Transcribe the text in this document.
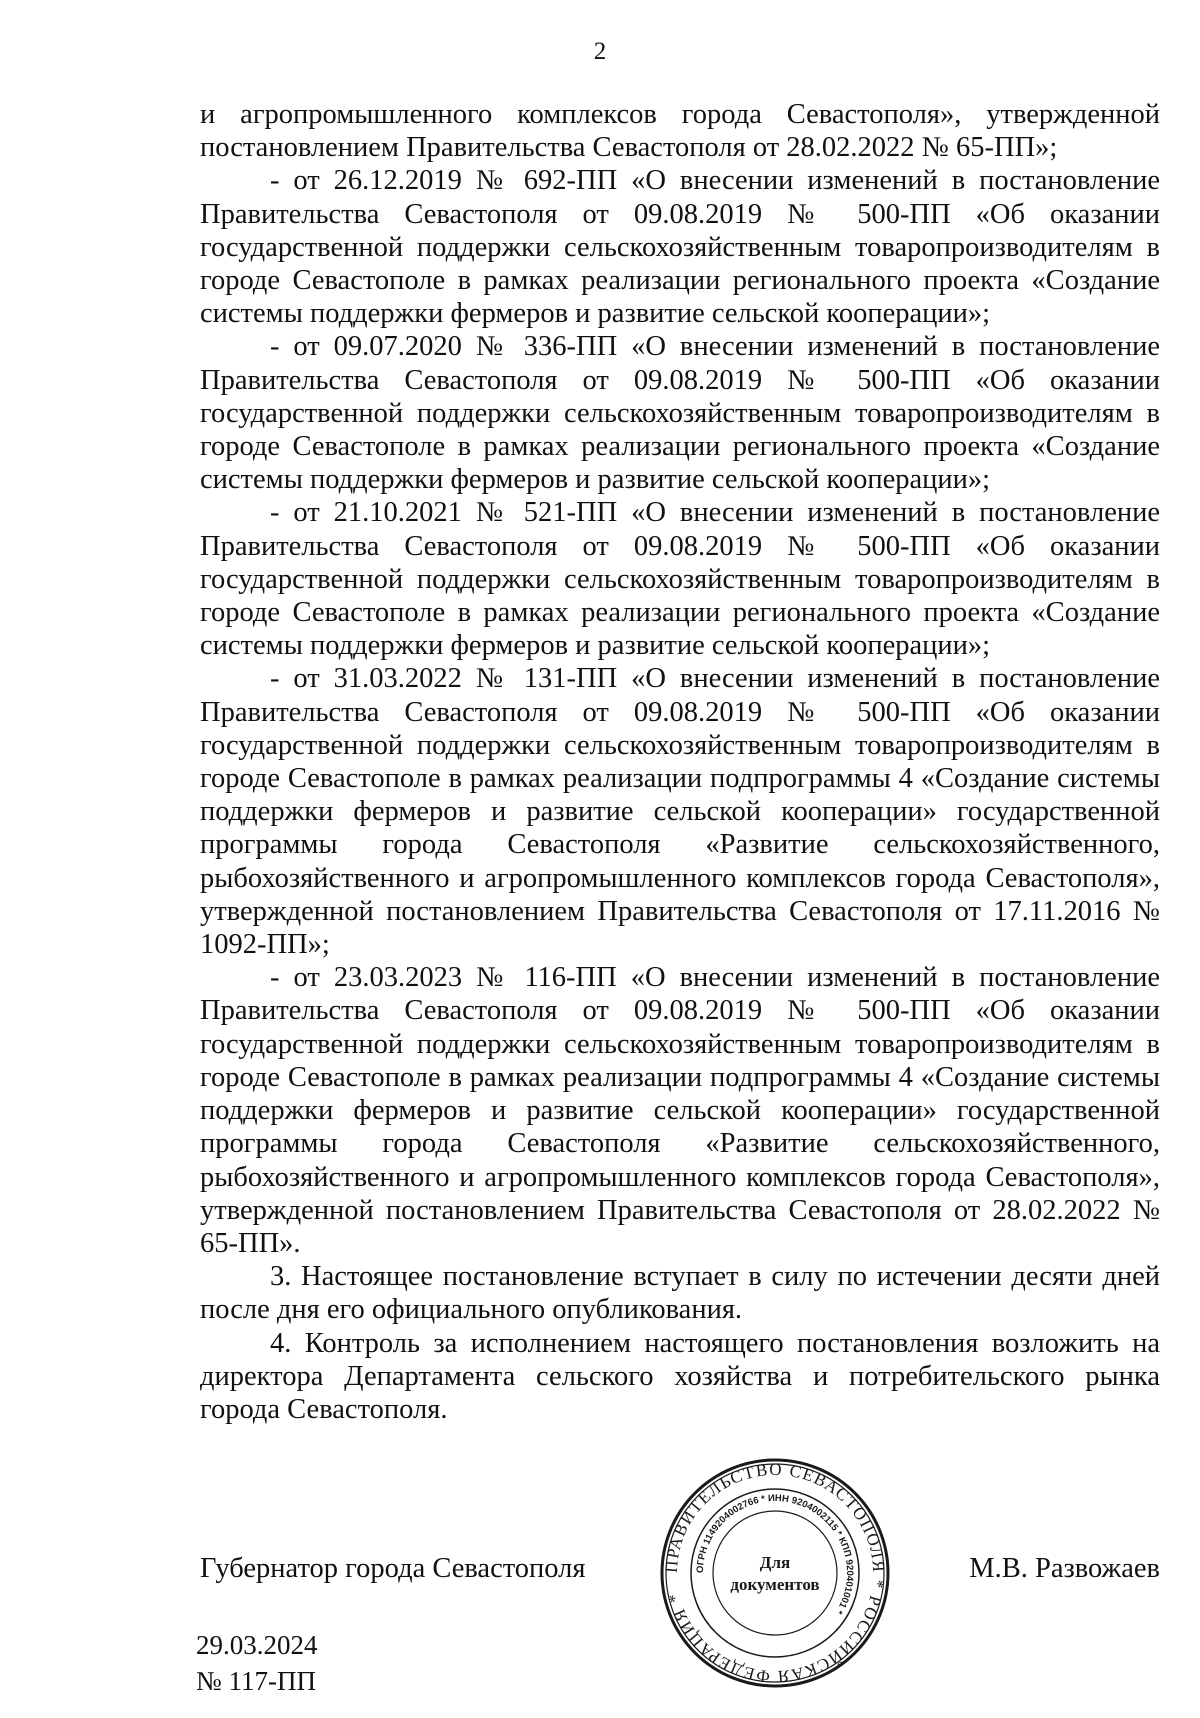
2

и агропромышленного комплексов города Севастополя», утвержденной постановлением Правительства Севастополя от 28.02.2022 № 65-ПП»;

- от 26.12.2019 № 692-ПП «О внесении изменений в постановление Правительства Севастополя от 09.08.2019 № 500-ПП «Об оказании государственной поддержки сельскохозяйственным товаропроизводителям в городе Севастополе в рамках реализации регионального проекта «Создание системы поддержки фермеров и развитие сельской кооперации»;

- от 09.07.2020 № 336-ПП «О внесении изменений в постановление Правительства Севастополя от 09.08.2019 № 500-ПП «Об оказании государственной поддержки сельскохозяйственным товаропроизводителям в городе Севастополе в рамках реализации регионального проекта «Создание системы поддержки фермеров и развитие сельской кооперации»;

- от 21.10.2021 № 521-ПП «О внесении изменений в постановление Правительства Севастополя от 09.08.2019 № 500-ПП «Об оказании государственной поддержки сельскохозяйственным товаропроизводителям в городе Севастополе в рамках реализации регионального проекта «Создание системы поддержки фермеров и развитие сельской кооперации»;

- от 31.03.2022 № 131-ПП «О внесении изменений в постановление Правительства Севастополя от 09.08.2019 № 500-ПП «Об оказании государственной поддержки сельскохозяйственным товаропроизводителям в городе Севастополе в рамках реализации подпрограммы 4 «Создание системы поддержки фермеров и развитие сельской кооперации» государственной программы города Севастополя «Развитие сельскохозяйственного, рыбохозяйственного и агропромышленного комплексов города Севастополя», утвержденной постановлением Правительства Севастополя от 17.11.2016 № 1092-ПП»;

- от 23.03.2023 № 116-ПП «О внесении изменений в постановление Правительства Севастополя от 09.08.2019 № 500-ПП «Об оказании государственной поддержки сельскохозяйственным товаропроизводителям в городе Севастополе в рамках реализации подпрограммы 4 «Создание системы поддержки фермеров и развитие сельской кооперации» государственной программы города Севастополя «Развитие сельскохозяйственного, рыбохозяйственного и агропромышленного комплексов города Севастополя», утвержденной постановлением Правительства Севастополя от 28.02.2022 № 65-ПП».

3. Настоящее постановление вступает в силу по истечении десяти дней после дня его официального опубликования.

4. Контроль за исполнением настоящего постановления возложить на директора Департамента сельского хозяйства и потребительского рынка города Севастополя.

Губернатор города Севастополя	М.В. Развожаев
ПРАВИТЕЛЬСТВО СЕВАСТОПОЛЯ * РОССИЙСКАЯ ФЕДЕРАЦИЯ *
ОГРН 1149204002766 * ИНН 9204002115 * КПП 920401001 *
Для
документов
29.03.2024
№ 117-ПП
